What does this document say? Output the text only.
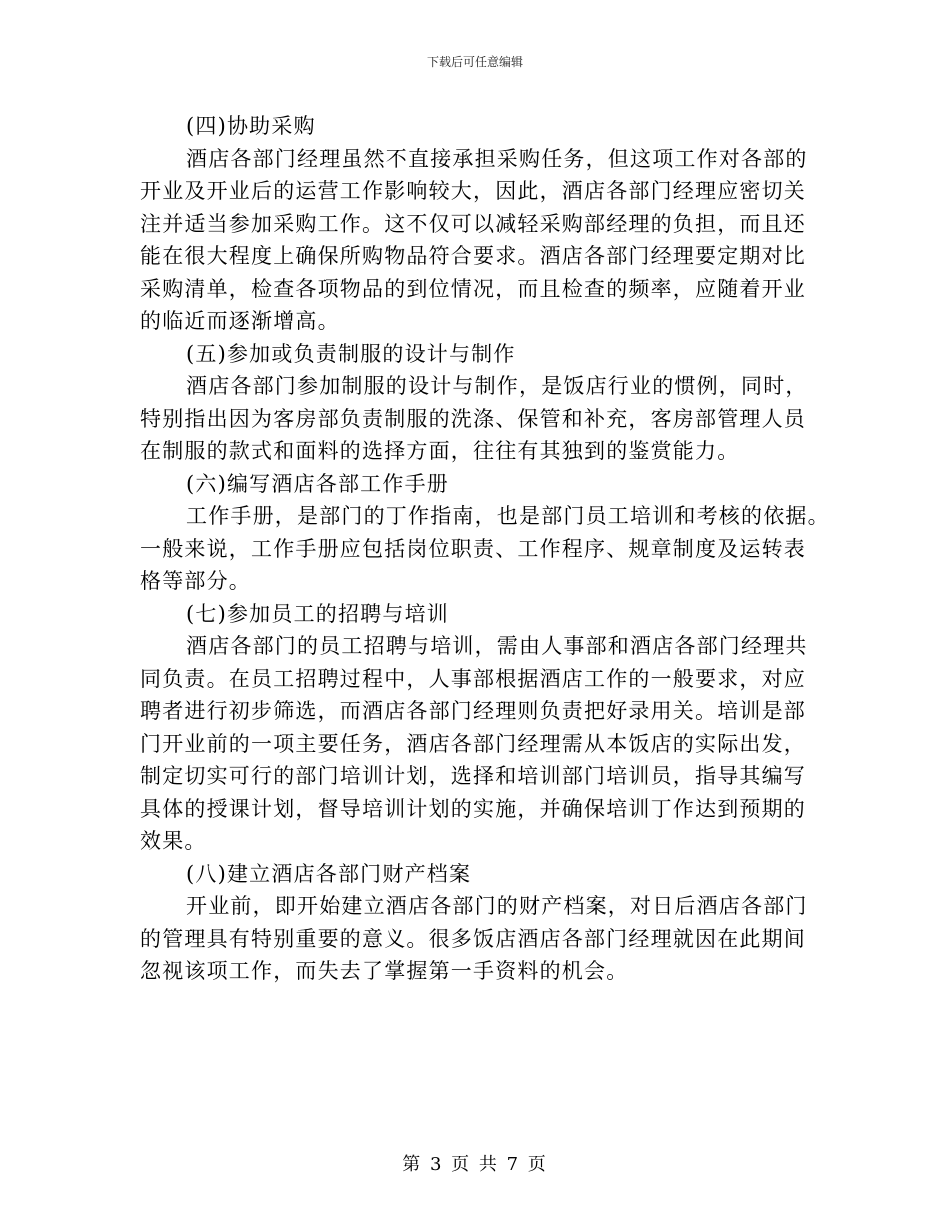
下载后可任意编辑
(四)协助采购
酒店各部门经理虽然不直接承担采购任务，但这项工作对各部的
开业及开业后的运营工作影响较大，因此，酒店各部门经理应密切关
注并适当参加采购工作。这不仅可以减轻采购部经理的负担，而且还
能在很大程度上确保所购物品符合要求。酒店各部门经理要定期对比
采购清单，检查各项物品的到位情况，而且检查的频率，应随着开业
的临近而逐渐增高。
(五)参加或负责制服的设计与制作
酒店各部门参加制服的设计与制作，是饭店行业的惯例，同时，
特别指出因为客房部负责制服的洗涤、保管和补充，客房部管理人员
在制服的款式和面料的选择方面，往往有其独到的鉴赏能力。
(六)编写酒店各部工作手册
工作手册，是部门的丁作指南，也是部门员工培训和考核的依据。
一般来说，工作手册应包括岗位职责、工作程序、规章制度及运转表
格等部分。
(七)参加员工的招聘与培训
酒店各部门的员工招聘与培训，需由人事部和酒店各部门经理共
同负责。在员工招聘过程中，人事部根据酒店工作的一般要求，对应
聘者进行初步筛选，而酒店各部门经理则负责把好录用关。培训是部
门开业前的一项主要任务，酒店各部门经理需从本饭店的实际出发，
制定切实可行的部门培训计划，选择和培训部门培训员，指导其编写
具体的授课计划，督导培训计划的实施，并确保培训丁作达到预期的
效果。
(八)建立酒店各部门财产档案
开业前，即开始建立酒店各部门的财产档案，对日后酒店各部门
的管理具有特别重要的意义。很多饭店酒店各部门经理就因在此期间
忽视该项工作，而失去了掌握第一手资料的机会。
第 3 页 共 7 页
